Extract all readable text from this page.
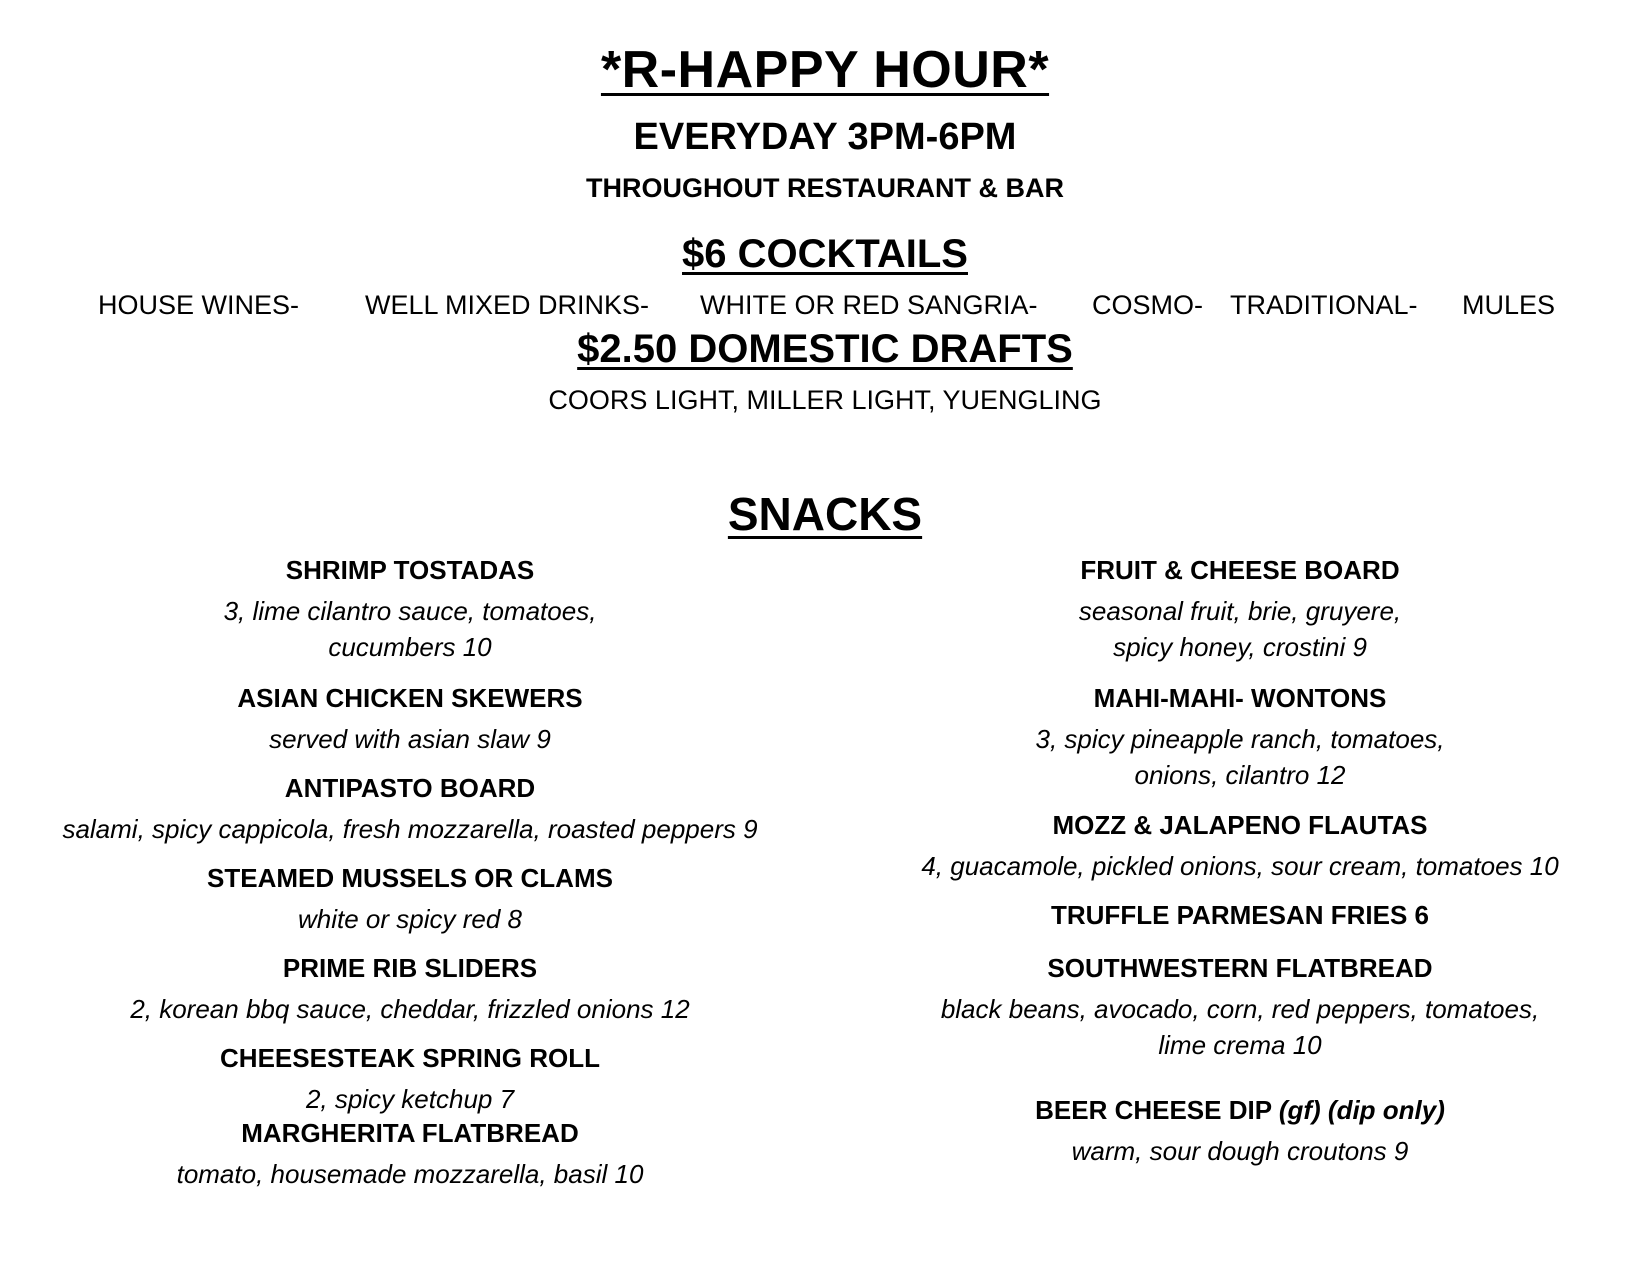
*R-HAPPY HOUR*
EVERYDAY 3PM-6PM
THROUGHOUT RESTAURANT & BAR
$6 COCKTAILS
HOUSE WINES- WELL MIXED DRINKS- WHITE OR RED SANGRIA- COSMO- TRADITIONAL- MULES
$2.50 DOMESTIC DRAFTS
COORS LIGHT, MILLER LIGHT, YUENGLING
SNACKS
SHRIMP TOSTADAS
3, lime cilantro sauce, tomatoes,
cucumbers 10
ASIAN CHICKEN SKEWERS
served with asian slaw 9
ANTIPASTO BOARD
salami, spicy cappicola, fresh mozzarella, roasted peppers 9
STEAMED MUSSELS OR CLAMS
white or spicy red 8
PRIME RIB SLIDERS
2, korean bbq sauce, cheddar, frizzled onions 12
CHEESESTEAK SPRING ROLL
2, spicy ketchup 7
MARGHERITA FLATBREAD
tomato, housemade mozzarella, basil 10
FRUIT & CHEESE BOARD
seasonal fruit, brie, gruyere,
spicy honey, crostini 9
MAHI-MAHI- WONTONS
3, spicy pineapple ranch, tomatoes,
onions, cilantro 12
MOZZ & JALAPENO FLAUTAS
4, guacamole, pickled onions, sour cream, tomatoes 10
TRUFFLE PARMESAN FRIES 6
SOUTHWESTERN FLATBREAD
black beans, avocado, corn, red peppers, tomatoes,
lime crema 10
BEER CHEESE DIP (gf) (dip only)
warm, sour dough croutons 9
